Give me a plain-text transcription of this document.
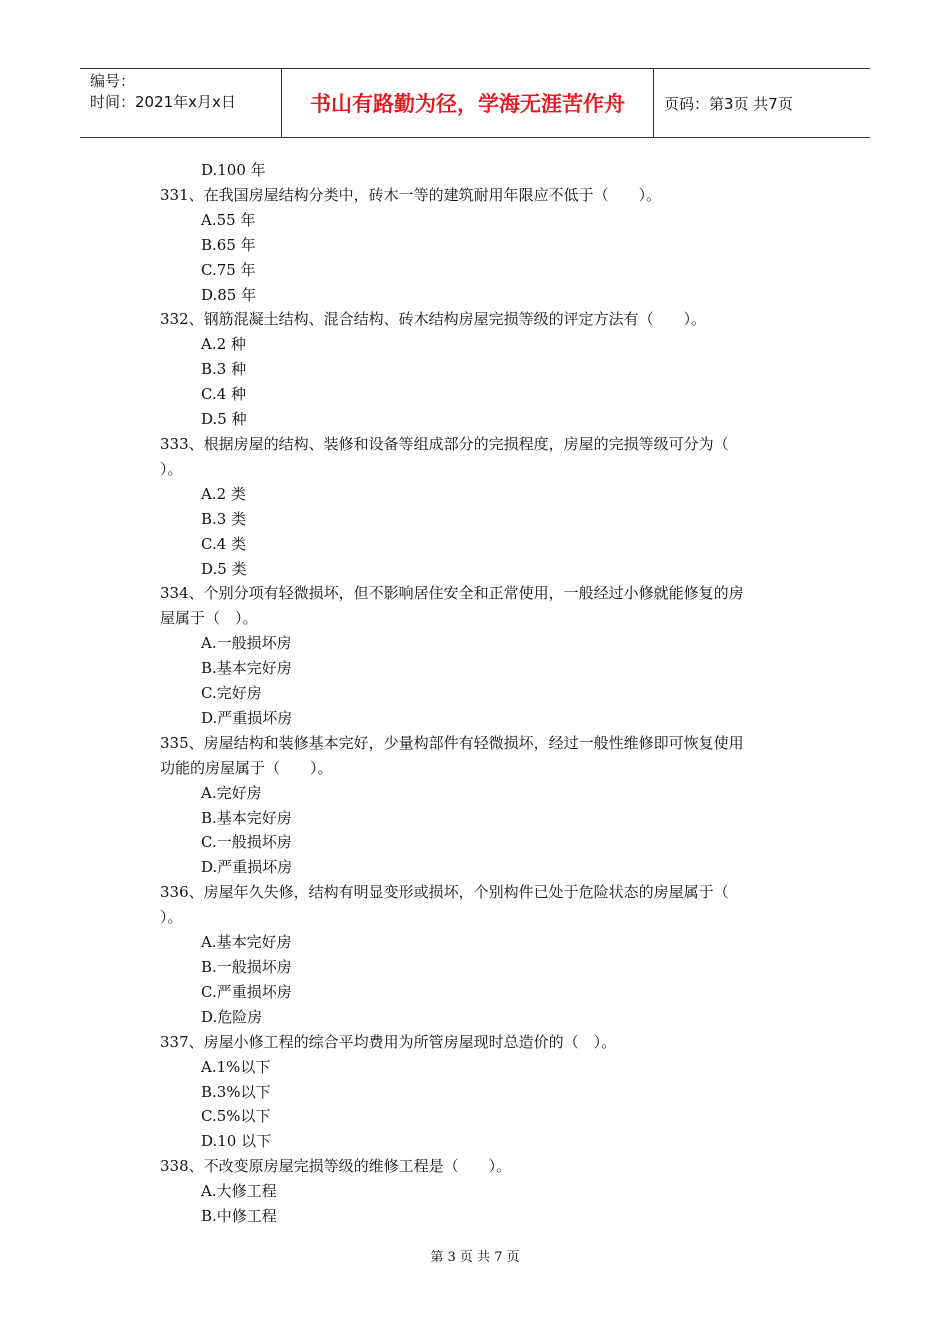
编号：
时间：2021年x月x日	书山有路勤为径，学海无涯苦作舟	页码：第3页 共7页
D.100 年
331、在我国房屋结构分类中，砖木一等的建筑耐用年限应不低于（　　）。
A.55 年
B.65 年
C.75 年
D.85 年
332、钢筋混凝土结构、混合结构、砖木结构房屋完损等级的评定方法有（　　）。
A.2 种
B.3 种
C.4 种
D.5 种
333、根据房屋的结构、装修和设备等组成部分的完损程度，房屋的完损等级可分为（
）。
A.2 类
B.3 类
C.4 类
D.5 类
334、个别分项有轻微损坏，但不影响居住安全和正常使用，一般经过小修就能修复的房
屋属于（　）。
A.一般损坏房
B.基本完好房
C.完好房
D.严重损坏房
335、房屋结构和装修基本完好，少量构部件有轻微损坏，经过一般性维修即可恢复使用
功能的房屋属于（　　）。
A.完好房
B.基本完好房
C.一般损坏房
D.严重损坏房
336、房屋年久失修，结构有明显变形或损坏，个别构件已处于危险状态的房屋属于（
）。
A.基本完好房
B.一般损坏房
C.严重损坏房
D.危险房
337、房屋小修工程的综合平均费用为所管房屋现时总造价的（　）。
A.1%以下
B.3%以下
C.5%以下
D.10 以下
338、不改变原房屋完损等级的维修工程是（　　）。
A.大修工程
B.中修工程
第 3 页 共 7 页
